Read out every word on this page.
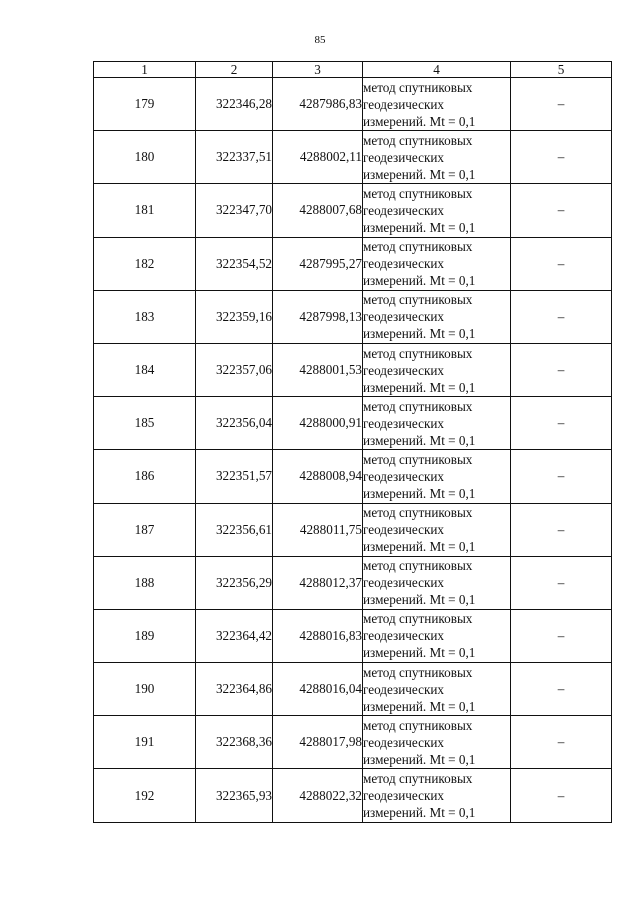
85
1	2	3	4	5
179	322346,28	4287986,83	метод спутниковых
геодезических
измерений. Mt = 0,1	–
180	322337,51	4288002,11	метод спутниковых
геодезических
измерений. Mt = 0,1	–
181	322347,70	4288007,68	метод спутниковых
геодезических
измерений. Mt = 0,1	–
182	322354,52	4287995,27	метод спутниковых
геодезических
измерений. Mt = 0,1	–
183	322359,16	4287998,13	метод спутниковых
геодезических
измерений. Mt = 0,1	–
184	322357,06	4288001,53	метод спутниковых
геодезических
измерений. Mt = 0,1	–
185	322356,04	4288000,91	метод спутниковых
геодезических
измерений. Mt = 0,1	–
186	322351,57	4288008,94	метод спутниковых
геодезических
измерений. Mt = 0,1	–
187	322356,61	4288011,75	метод спутниковых
геодезических
измерений. Mt = 0,1	–
188	322356,29	4288012,37	метод спутниковых
геодезических
измерений. Mt = 0,1	–
189	322364,42	4288016,83	метод спутниковых
геодезических
измерений. Mt = 0,1	–
190	322364,86	4288016,04	метод спутниковых
геодезических
измерений. Mt = 0,1	–
191	322368,36	4288017,98	метод спутниковых
геодезических
измерений. Mt = 0,1	–
192	322365,93	4288022,32	метод спутниковых
геодезических
измерений. Mt = 0,1	–
